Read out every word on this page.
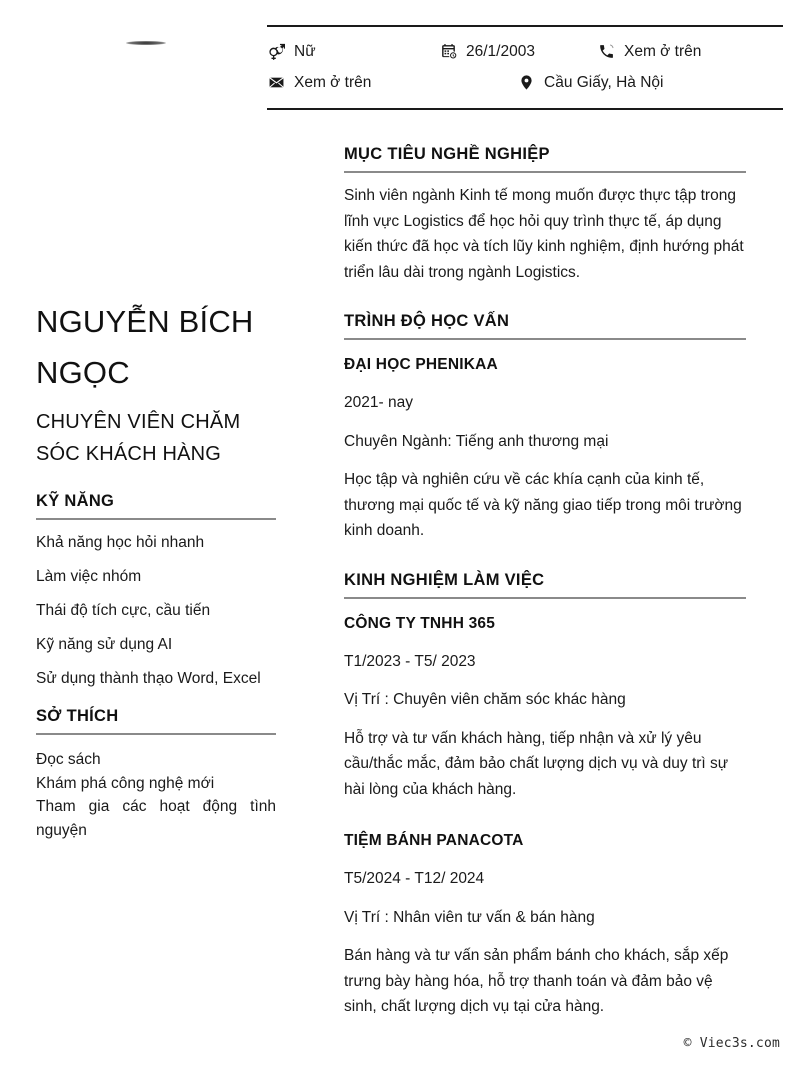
Nữ	26/1/2003	Xem ở trên
Xem ở trên	Cầu Giấy, Hà Nội
NGUYỄN BÍCH NGỌC
CHUYÊN VIÊN CHĂM SÓC KHÁCH HÀNG
KỸ NĂNG
Khả năng học hỏi nhanh
Làm việc nhóm
Thái độ tích cực, cầu tiến
Kỹ năng sử dụng AI
Sử dụng thành thạo Word, Excel
SỞ THÍCH
Đọc sách
Khám phá công nghệ mới
Tham gia các hoạt động tình nguyện
MỤC TIÊU NGHỀ NGHIỆP
Sinh viên ngành Kinh tế mong muốn được thực tập trong lĩnh vực Logistics để học hỏi quy trình thực tế, áp dụng kiến thức đã học và tích lũy kinh nghiệm, định hướng phát triển lâu dài trong ngành Logistics.
TRÌNH ĐỘ HỌC VẤN
ĐẠI HỌC PHENIKAA
2021- nay
Chuyên Ngành: Tiếng anh thương mại
Học tập và nghiên cứu về các khía cạnh của kinh tế, thương mại quốc tế và kỹ năng giao tiếp trong môi trường kinh doanh.
KINH NGHIỆM LÀM VIỆC
CÔNG TY TNHH 365
T1/2023 - T5/ 2023
Vị Trí : Chuyên viên chăm sóc khác hàng
Hỗ trợ và tư vấn khách hàng, tiếp nhận và xử lý yêu cầu/thắc mắc, đảm bảo chất lượng dịch vụ và duy trì sự hài lòng của khách hàng.
TIỆM BÁNH PANACOTA
T5/2024 - T12/ 2024
Vị Trí : Nhân viên tư vấn & bán hàng
Bán hàng và tư vấn sản phẩm bánh cho khách, sắp xếp trưng bày hàng hóa, hỗ trợ thanh toán và đảm bảo vệ sinh, chất lượng dịch vụ tại cửa hàng.
© Viec3s.com
